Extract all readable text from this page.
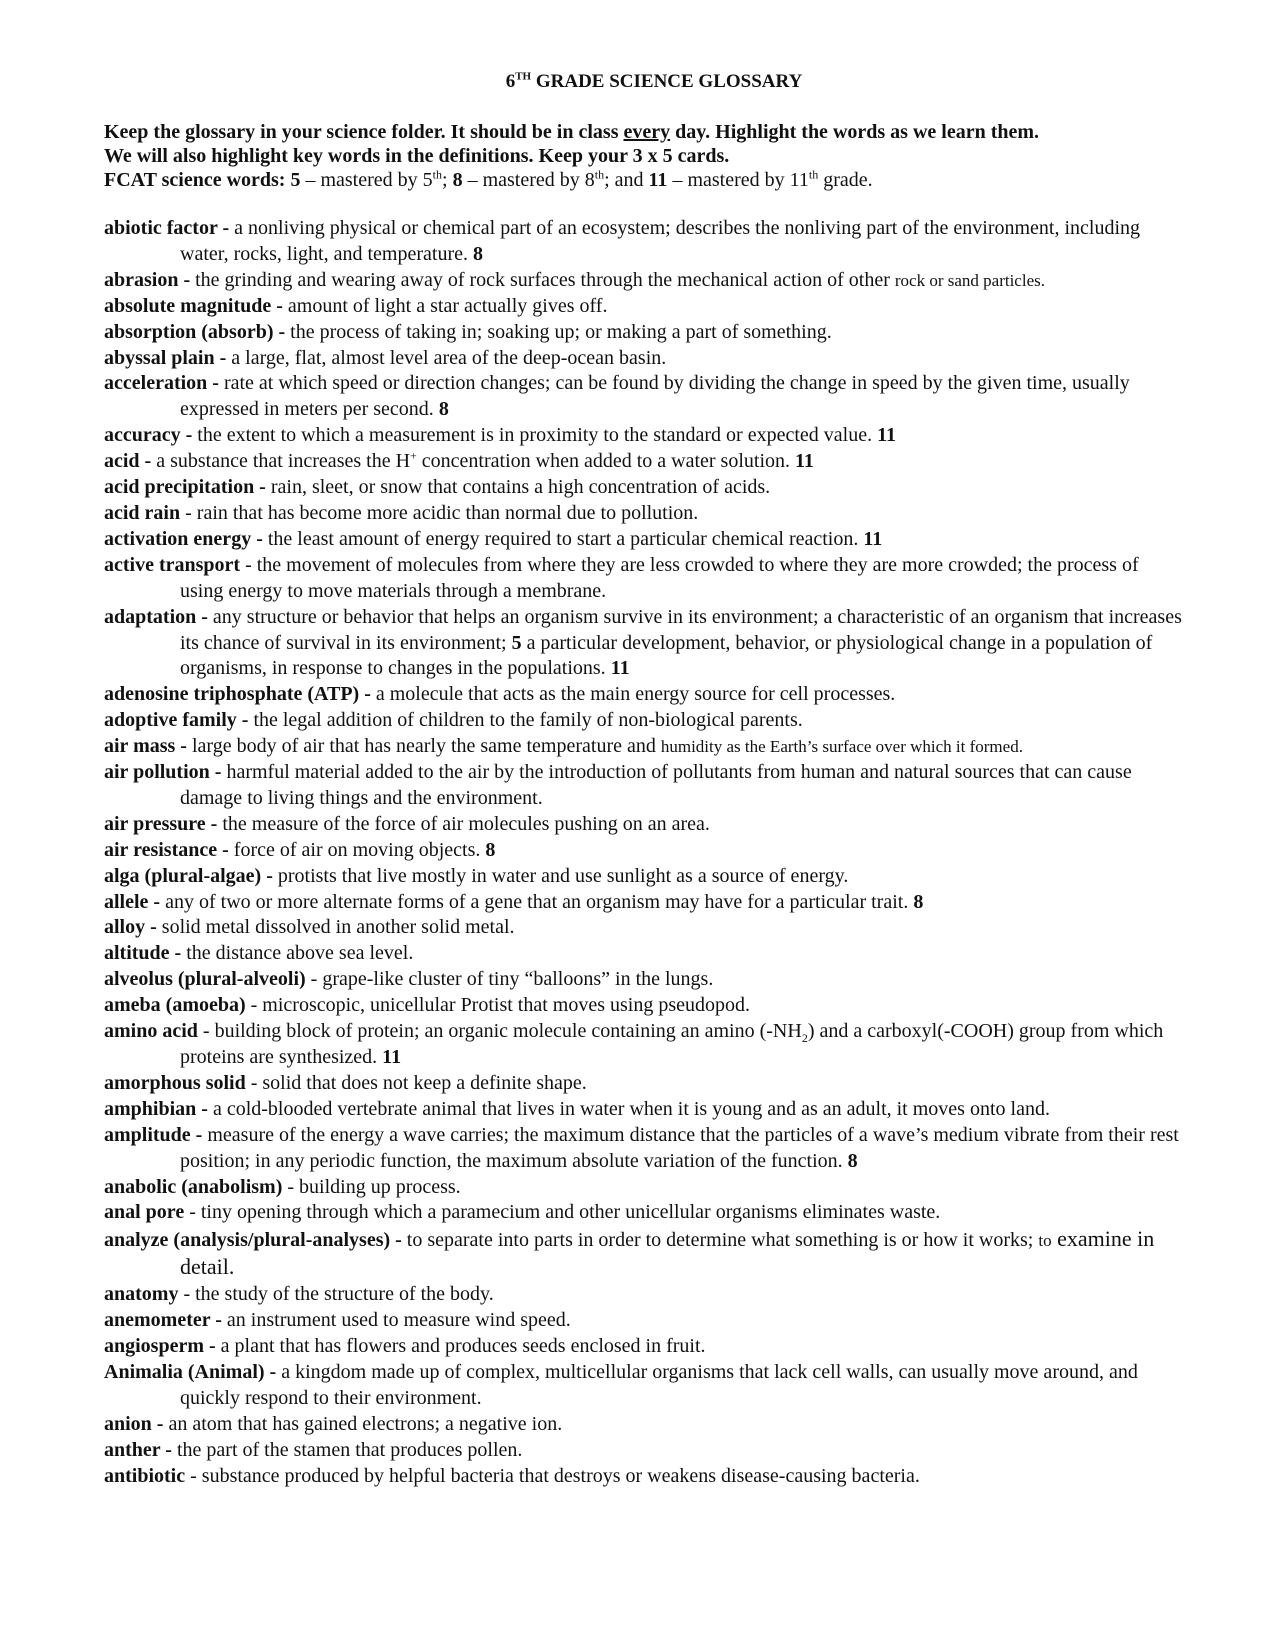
6TH GRADE SCIENCE GLOSSARY
Keep the glossary in your science folder. It should be in class every day. Highlight the words as we learn them.
We will also highlight key words in the definitions. Keep your 3 x 5 cards.
FCAT science words: 5 – mastered by 5th; 8 – mastered by 8th; and 11 – mastered by 11th grade.

abiotic factor - a nonliving physical or chemical part of an ecosystem; describes the nonliving part of the environment, including water, rocks, light, and temperature. 8

abrasion - the grinding and wearing away of rock surfaces through the mechanical action of other rock or sand particles.

absolute magnitude - amount of light a star actually gives off.

absorption (absorb) - the process of taking in; soaking up; or making a part of something.

abyssal plain - a large, flat, almost level area of the deep-ocean basin.

acceleration - rate at which speed or direction changes; can be found by dividing the change in speed by the given time, usually expressed in meters per second. 8

accuracy - the extent to which a measurement is in proximity to the standard or expected value. 11

acid - a substance that increases the H+ concentration when added to a water solution. 11

acid precipitation - rain, sleet, or snow that contains a high concentration of acids.

acid rain - rain that has become more acidic than normal due to pollution.

activation energy - the least amount of energy required to start a particular chemical reaction. 11

active transport - the movement of molecules from where they are less crowded to where they are more crowded; the process of using energy to move materials through a membrane.

adaptation - any structure or behavior that helps an organism survive in its environment; a characteristic of an organism that increases its chance of survival in its environment; 5 a particular development, behavior, or physiological change in a population of organisms, in response to changes in the populations. 11

adenosine triphosphate (ATP) - a molecule that acts as the main energy source for cell processes.

adoptive family - the legal addition of children to the family of non-biological parents.

air mass - large body of air that has nearly the same temperature and humidity as the Earth’s surface over which it formed.

air pollution - harmful material added to the air by the introduction of pollutants from human and natural sources that can cause damage to living things and the environment.

air pressure - the measure of the force of air molecules pushing on an area.

air resistance - force of air on moving objects. 8

alga (plural-algae) - protists that live mostly in water and use sunlight as a source of energy.

allele - any of two or more alternate forms of a gene that an organism may have for a particular trait. 8

alloy - solid metal dissolved in another solid metal.

altitude - the distance above sea level.

alveolus (plural-alveoli) - grape-like cluster of tiny “balloons” in the lungs.

ameba (amoeba) - microscopic, unicellular Protist that moves using pseudopod.

amino acid - building block of protein; an organic molecule containing an amino $(-NH_2)$ and a carboxyl(-COOH) group from which proteins are synthesized. 11

amorphous solid - solid that does not keep a definite shape.

amphibian - a cold-blooded vertebrate animal that lives in water when it is young and as an adult, it moves onto land.

amplitude - measure of the energy a wave carries; the maximum distance that the particles of a wave’s medium vibrate from their rest position; in any periodic function, the maximum absolute variation of the function. 8

anabolic (anabolism) - building up process.

anal pore - tiny opening through which a paramecium and other unicellular organisms eliminates waste.

analyze (analysis/plural-analyses) - to separate into parts in order to determine what something is or how it works; to examine in detail.

anatomy - the study of the structure of the body.

anemometer - an instrument used to measure wind speed.

angiosperm - a plant that has flowers and produces seeds enclosed in fruit.

Animalia (Animal) - a kingdom made up of complex, multicellular organisms that lack cell walls, can usually move around, and quickly respond to their environment.

anion - an atom that has gained electrons; a negative ion.

anther - the part of the stamen that produces pollen.

antibiotic - substance produced by helpful bacteria that destroys or weakens disease-causing bacteria.
